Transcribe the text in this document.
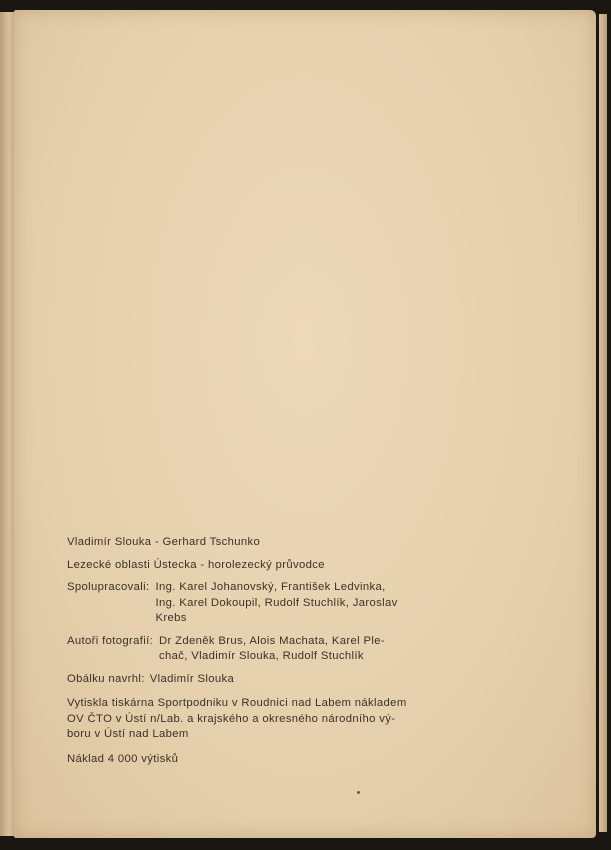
Vladimír Slouka - Gerhard Tschunko
Lezecké oblasti Ústecka - horolezecký průvodce
Spolupracovali: Ing. Karel Johanovský, František Ledvinka,
Ing. Karel Dokoupil, Rudolf Stuchlík, Jaroslav
Krebs
Autoři fotografií: Dr Zdeněk Brus, Alois Machata, Karel Ple-
chač, Vladimír Slouka, Rudolf Stuchlík
Obálku navrhl: Vladimír Slouka
Vytiskla tiskárna Sportpodniku v Roudnici nad Labem nákladem
OV ČTO v Ústí n/Lab. a krajského a okresného národního vý-
boru v Ústí nad Labem
Náklad 4 000 výtisků
